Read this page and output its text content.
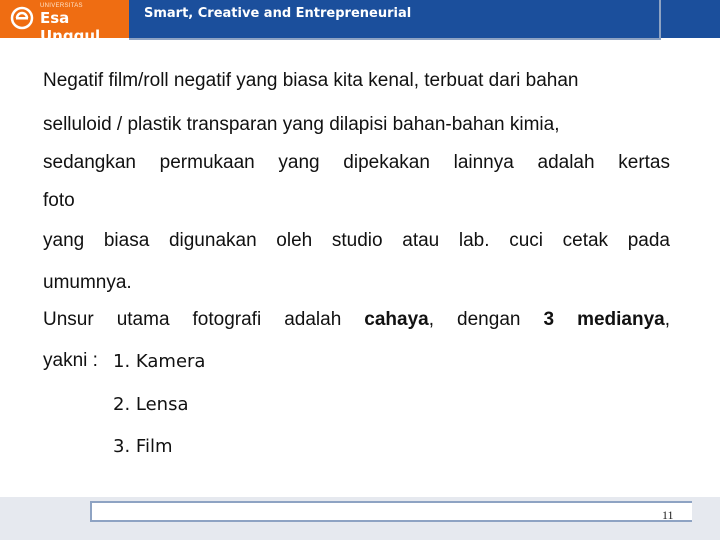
UNIVERSITAS
Esa Unggul
Smart, Creative and Entrepreneurial
Negatif film/roll negatif yang biasa kita kenal, terbuat dari bahan
selluloid / plastik transparan yang dilapisi bahan-bahan kimia,
sedangkan permukaan yang dipekakan lainnya adalah kertas
foto
yang biasa digunakan oleh studio atau lab. cuci cetak pada
umumnya.
Unsur utama fotografi adalah cahaya, dengan 3 medianya,
yakni : 1. Kamera
2. Lensa
3. Film
11
